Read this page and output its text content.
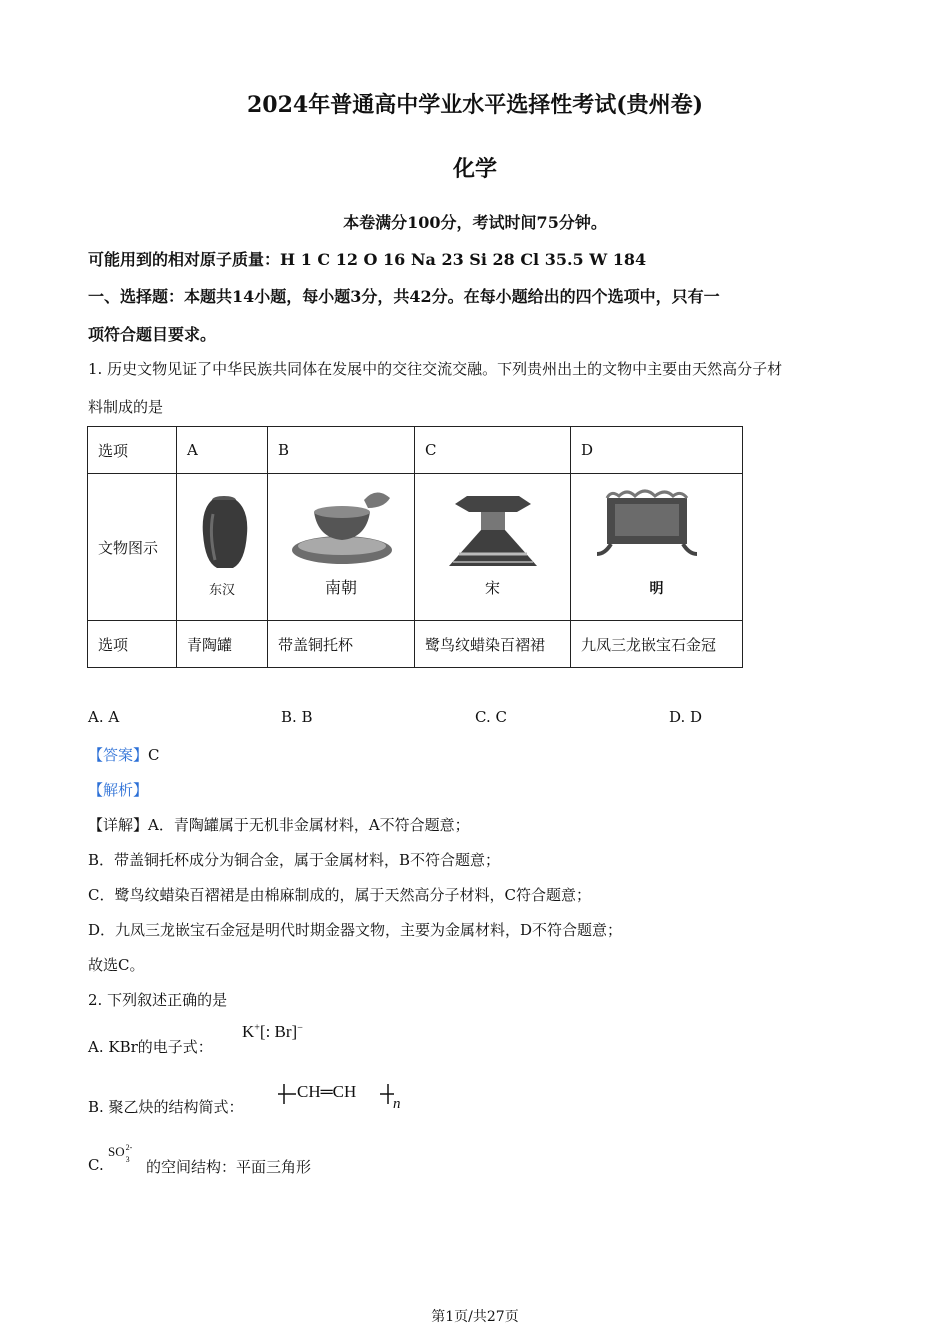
2024年普通高中学业水平选择性考试(贵州卷)
化学
本卷满分100分，考试时间75分钟。
可能用到的相对原子质量：H 1 C 12 O 16 Na 23 Si 28 Cl 35.5 W 184
一、选择题：本题共14小题，每小题3分，共42分。在每小题给出的四个选项中，只有一
项符合题目要求。
1. 历史文物见证了中华民族共同体在发展中的交往交流交融。下列贵州出土的文物中主要由天然高分子材
料制成的是
选项	A	B	C	D
文物图示	东汉	南朝	宋	明

选项	青陶罐	带盖铜托杯	鹭鸟纹蜡染百褶裙	九凤三龙嵌宝石金冠
A. A	B. B	C. C	D. D
【答案】C
【解析】
【详解】A．青陶罐属于无机非金属材料，A不符合题意；
B．带盖铜托杯成分为铜合金，属于金属材料，B不符合题意；
C．鹭鸟纹蜡染百褶裙是由棉麻制成的，属于天然高分子材料，C符合题意；
D．九凤三龙嵌宝石金冠是明代时期金器文物，主要为金属材料，D不符合题意；
故选C。
2. 下列叙述正确的是
A. KBr的电子式：
K+[: Br]−
B. 聚乙炔的结构简式：
CH═CH
n
C.
SO 2-
3 的空间结构：平面三角形
第1页/共27页
